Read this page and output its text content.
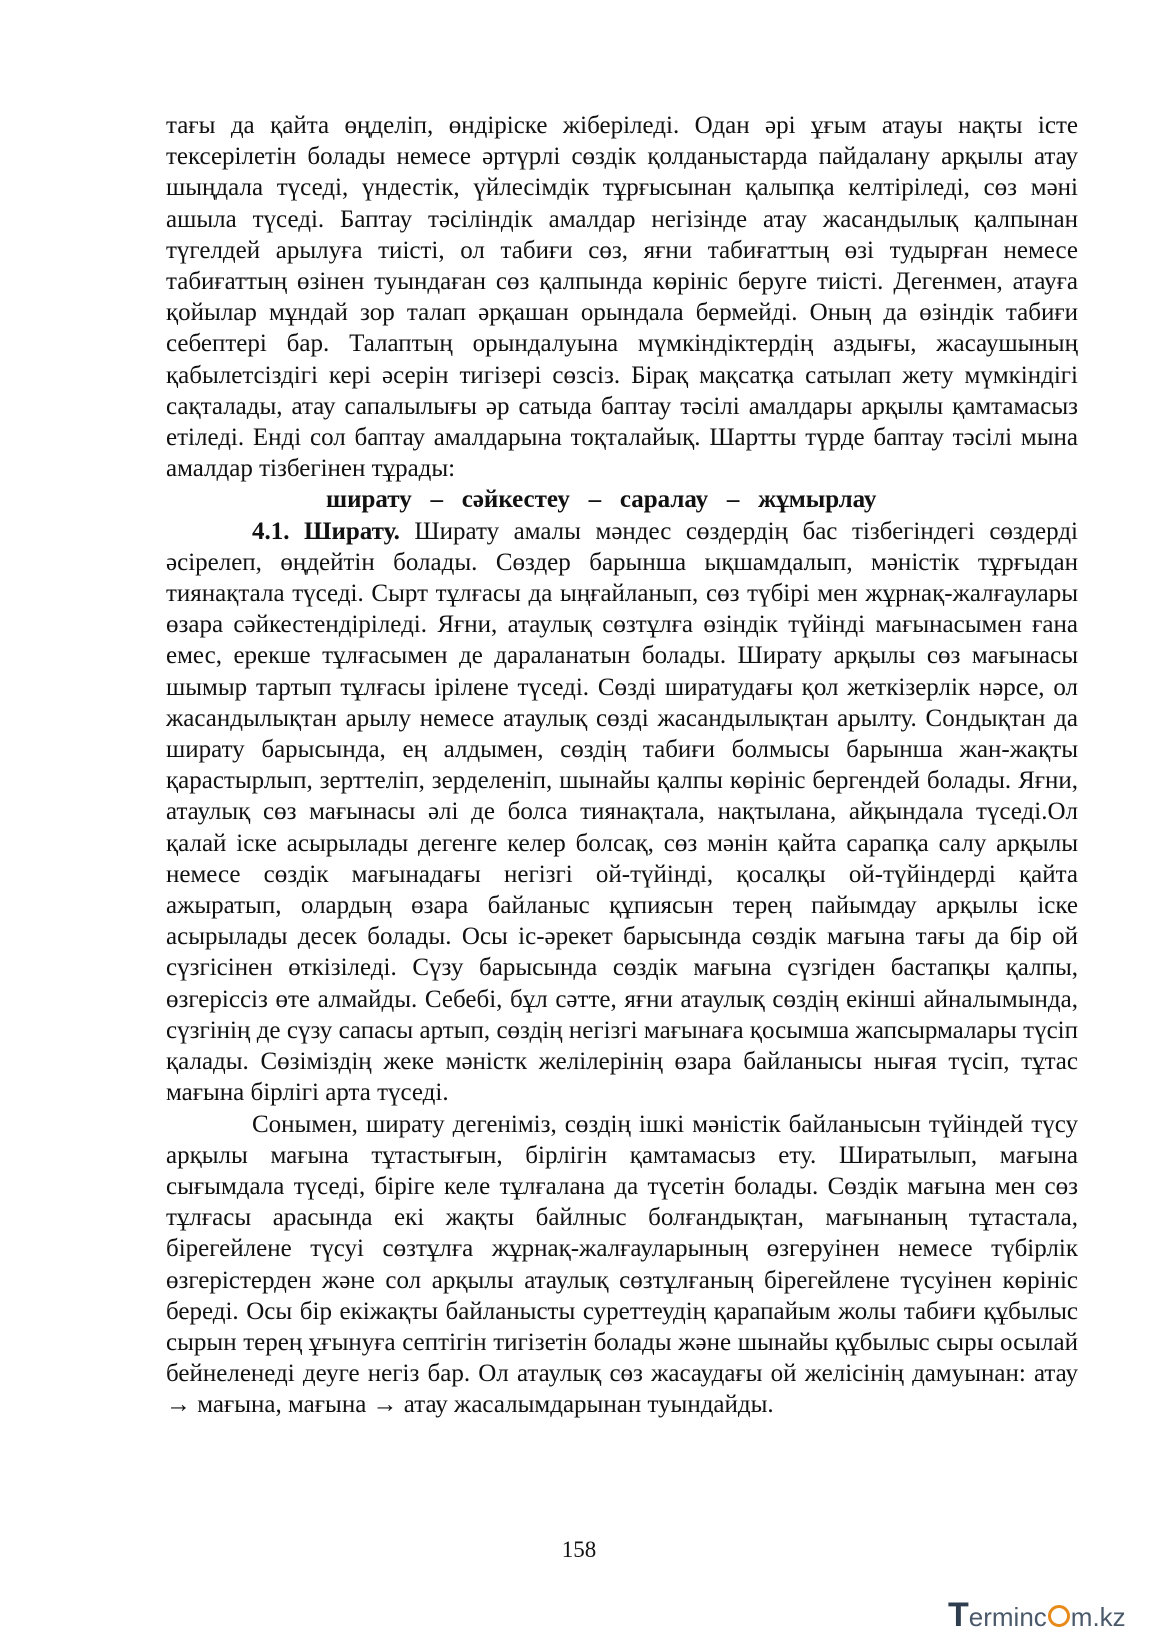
тағы да қайта өңделіп, өндіріске жіберіледі. Одан әрі ұғым атауы нақты істе тексерілетін болады немесе әртүрлі сөздік қолданыстарда пайдалану арқылы атау шыңдала түседі, үндестік, үйлесімдік тұрғысынан қалыпқа келтіріледі, сөз мәні ашыла түседі. Баптау тәсіліндік амалдар негізінде атау жасандылық қалпынан түгелдей арылуға тиісті, ол табиғи сөз, яғни табиғаттың өзі тудырған немесе табиғаттың өзінен туындаған сөз қалпында көрініс беруге тиісті. Дегенмен, атауға қойылар мұндай зор талап әрқашан орындала бермейді. Оның да өзіндік табиғи себептері бар. Талаптың орындалуына мүмкіндіктердің аздығы, жасаушының қабылетсіздігі кері әсерін тигізері сөзсіз. Бірақ мақсатқа сатылап жету мүмкіндігі сақталады, атау сапалылығы әр сатыда баптау тәсілі амалдары арқылы қамтамасыз етіледі. Енді сол баптау амалдарына тоқталайық. Шартты түрде баптау тәсілі мына амалдар тізбегінен тұрады:

ширату   –   сәйкестеу   –   саралау   –   жұмырлау

4.1. Ширату. Ширату амалы мәндес сөздердің бас тізбегіндегі сөздерді әсірелеп, өңдейтін болады. Сөздер барынша ықшамдалып, мәністік тұрғыдан тиянақтала түседі. Сырт тұлғасы да ыңғайланып, сөз түбірі мен жұрнақ-жалғаулары өзара сәйкестендіріледі. Яғни, атаулық сөзтұлға өзіндік түйінді мағынасымен ғана емес, ерекше тұлғасымен де дараланатын болады. Ширату арқылы сөз мағынасы шымыр тартып тұлғасы ірілене түседі. Сөзді ширатудағы қол жеткізерлік нәрсе, ол жасандылықтан арылу немесе атаулық сөзді жасандылықтан арылту. Сондықтан да ширату барысында, ең алдымен, сөздің табиғи болмысы барынша жан-жақты қарастырлып, зерттеліп, зерделеніп, шынайы қалпы көрініс бергендей болады. Яғни, атаулық сөз мағынасы әлі де болса тиянақтала, нақтылана, айқындала түседі.Ол қалай іске асырылады дегенге келер болсақ, сөз мәнін қайта сарапқа салу арқылы немесе сөздік мағынадағы негізгі ой-түйінді, қосалқы ой-түйіндерді қайта ажыратып, олардың өзара байланыс құпиясын терең пайымдау арқылы іске асырылады десек болады. Осы іс-әрекет барысында сөздік мағына тағы да бір ой сүзгісінен өткізіледі. Сүзу барысында сөздік мағына сүзгіден бастапқы қалпы, өзгеріссіз өте алмайды. Себебі, бұл сәтте, яғни атаулық сөздің екінші айналымында, сүзгінің де сүзу сапасы артып, сөздің негізгі мағынаға қосымша жапсырмалары түсіп қалады. Сөзіміздің жеке мәністк желілерінің өзара байланысы нығая түсіп, тұтас мағына бірлігі арта түседі.

Сонымен, ширату дегеніміз, сөздің ішкі мәністік байланысын түйіндей түсу арқылы мағына тұтастығын, бірлігін қамтамасыз ету. Ширатылып, мағына сығымдала түседі, біріге келе тұлғалана да түсетін болады. Сөздік мағына мен сөз тұлғасы арасында екі жақты байлныс болғандықтан, мағынаның тұтастала, бірегейлене түсуі сөзтұлға жұрнақ-жалғауларының өзгеруінен немесе түбірлік өзгерістерден және сол арқылы атаулық сөзтұлғаның бірегейлене түсуінен көрініс береді. Осы бір екіжақты байланысты суреттеудің қарапайым жолы табиғи құбылыс сырын терең ұғынуға септігін тигізетін болады және шынайы құбылыс сыры осылай бейнеленеді деуге негіз бар. Ол атаулық сөз жасаудағы ой желісінің дамуынан: атау → мағына, мағына → атау жасалымдарынан туындайды.

158
Terminc m.kz
